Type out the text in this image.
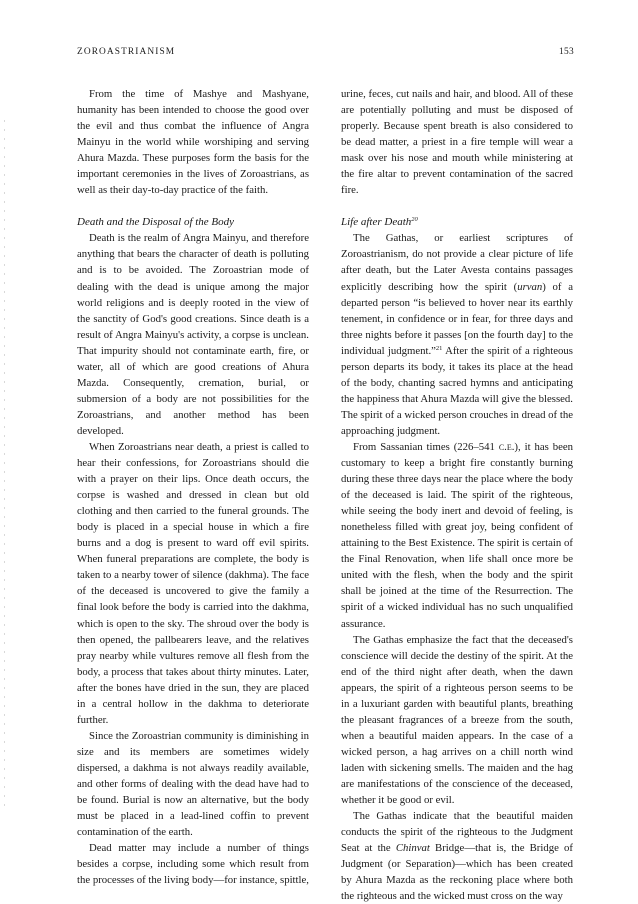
ZOROASTRIANISM	153

From the time of Mashye and Mashyane, humanity has been intended to choose the good over the evil and thus combat the influence of Angra Mainyu in the world while worshiping and serving Ahura Mazda. These purposes form the basis for the important ceremonies in the lives of Zoroastrians, as well as their day-to-day practice of the faith.

Death and the Disposal of the Body

Death is the realm of Angra Mainyu, and therefore anything that bears the character of death is polluting and is to be avoided. The Zoroastrian mode of dealing with the dead is unique among the major world religions and is deeply rooted in the view of the sanctity of God's good creations. Since death is a result of Angra Mainyu's activity, a corpse is unclean. That impurity should not contaminate earth, fire, or water, all of which are good creations of Ahura Mazda. Consequently, cremation, burial, or submersion of a body are not possibilities for the Zoroastrians, and another method has been developed.

When Zoroastrians near death, a priest is called to hear their confessions, for Zoroastrians should die with a prayer on their lips. Once death occurs, the corpse is washed and dressed in clean but old clothing and then carried to the funeral grounds. The body is placed in a special house in which a fire burns and a dog is present to ward off evil spirits. When funeral preparations are complete, the body is taken to a nearby tower of silence (dakhma). The face of the deceased is uncovered to give the family a final look before the body is carried into the dakhma, which is open to the sky. The shroud over the body is then opened, the pallbearers leave, and the relatives pray nearby while vultures remove all flesh from the body, a process that takes about thirty minutes. Later, after the bones have dried in the sun, they are placed in a central hollow in the dakhma to deteriorate further.

Since the Zoroastrian community is diminishing in size and its members are sometimes widely dispersed, a dakhma is not always readily available, and other forms of dealing with the dead have had to be found. Burial is now an alternative, but the body must be placed in a lead-lined coffin to prevent contamination of the earth.

Dead matter may include a number of things besides a corpse, including some which result from the processes of the living body—for instance, spittle,

urine, feces, cut nails and hair, and blood. All of these are potentially polluting and must be disposed of properly. Because spent breath is also considered to be dead matter, a priest in a fire temple will wear a mask over his nose and mouth while ministering at the fire altar to prevent contamination of the sacred fire.

Life after Death$^{20}$

The Gathas, or earliest scriptures of Zoroastrianism, do not provide a clear picture of life after death, but the Later Avesta contains passages explicitly describing how the spirit (urvan) of a departed person “is believed to hover near its earthly tenement, in confidence or in fear, for three days and three nights before it passes [on the fourth day] to the individual judgment.”$^{21}$ After the spirit of a righteous person departs its body, it takes its place at the head of the body, chanting sacred hymns and anticipating the happiness that Ahura Mazda will give the blessed. The spirit of a wicked person crouches in dread of the approaching judgment.

From Sassanian times (226–541 c.e.), it has been customary to keep a bright fire constantly burning during these three days near the place where the body of the deceased is laid. The spirit of the righteous, while seeing the body inert and devoid of feeling, is nonetheless filled with great joy, being confident of attaining to the Best Existence. The spirit is certain of the Final Renovation, when life shall once more be united with the flesh, when the body and the spirit shall be joined at the time of the Resurrection. The spirit of a wicked individual has no such unqualified assurance.

The Gathas emphasize the fact that the deceased's conscience will decide the destiny of the spirit. At the end of the third night after death, when the dawn appears, the spirit of a righteous person seems to be in a luxuriant garden with beautiful plants, breathing the pleasant fragrances of a breeze from the south, when a beautiful maiden appears. In the case of a wicked person, a hag arrives on a chill north wind laden with sickening smells. The maiden and the hag are manifestations of the conscience of the deceased, whether it be good or evil.

The Gathas indicate that the beautiful maiden conducts the spirit of the righteous to the Judgment Seat at the Chinvat Bridge—that is, the Bridge of Judgment (or Separation)—which has been created by Ahura Mazda as the reckoning place where both the righteous and the wicked must cross on the way
